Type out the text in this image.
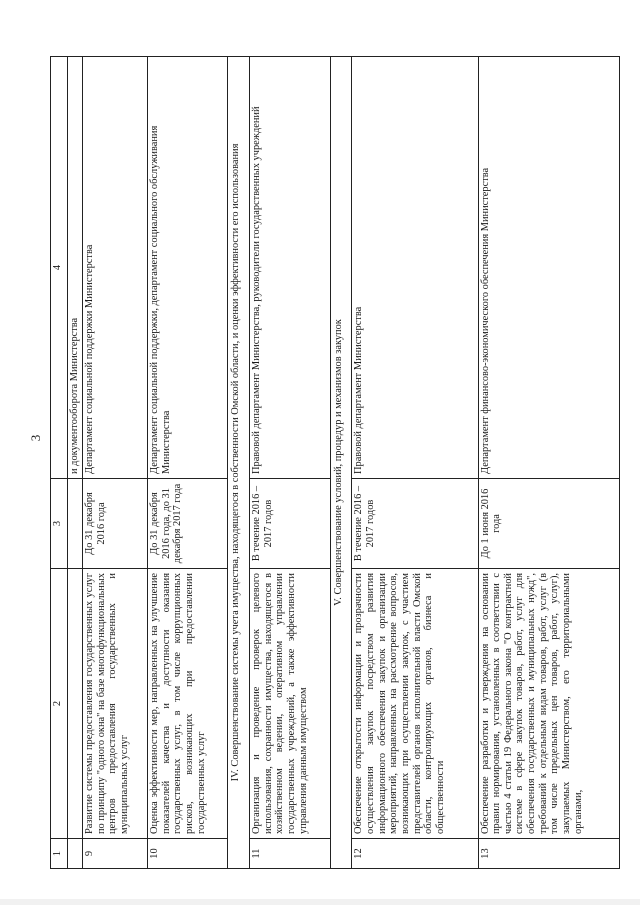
3
1	2	3	4
			и документооборота Министерства
9	Развитие системы предоставления государственных услуг по принципу "одного окна" на базе многофункциональных центров предоставления государственных и муниципальных услуг	До 31 декабря 2016 года	Департамент социальной поддержки Министерства
10	Оценка эффективности мер, направленных на улучшение показателей качества и доступности оказания государственных услуг, в том числе коррупционных рисков, возникающих при предоставлении государственных услуг	До 31 декабря 2016 года, до 31 декабря 2017 года	Департамент социальной поддержки, департамент социального обслуживания Министерства
IV. Совершенствование системы учета имущества, находящегося в собственности Омской области, и оценки эффективности его использования			
11	Организация и проведение проверок целевого использования, сохранности имущества, находящегося в хозяйственном ведении, оперативном управлении государственных учреждений, а также эффективности управления данным имуществом	В течение 2016 – 2017 годов	Правовой департамент Министерства, руководители государственных учреждений
V. Совершенствование условий, процедур и механизмов закупок			
12	Обеспечение открытости информации и прозрачности осуществления закупок посредством развития информационного обеспечения закупок и организации мероприятий, направленных на рассмотрение вопросов, возникающих при осуществлении закупок, с участием представителей органов исполнительной власти Омской области, контролирующих органов, бизнеса и общественности	В течение 2016 – 2017 годов	Правовой департамент Министерства
13	Обеспечение разработки и утверждения на основании правил нормирования, установленных в соответствии с частью 4 статьи 19 Федерального закона "О контрактной системе в сфере закупок товаров, работ, услуг для обеспечения государственных и муниципальных нужд", требований к отдельным видам товаров, работ, услуг (в том числе предельных цен товаров, работ, услуг), закупаемых Министерством, его территориальными органами,	До 1 июня 2016 года	Департамент финансово-экономического обеспечения Министерства
